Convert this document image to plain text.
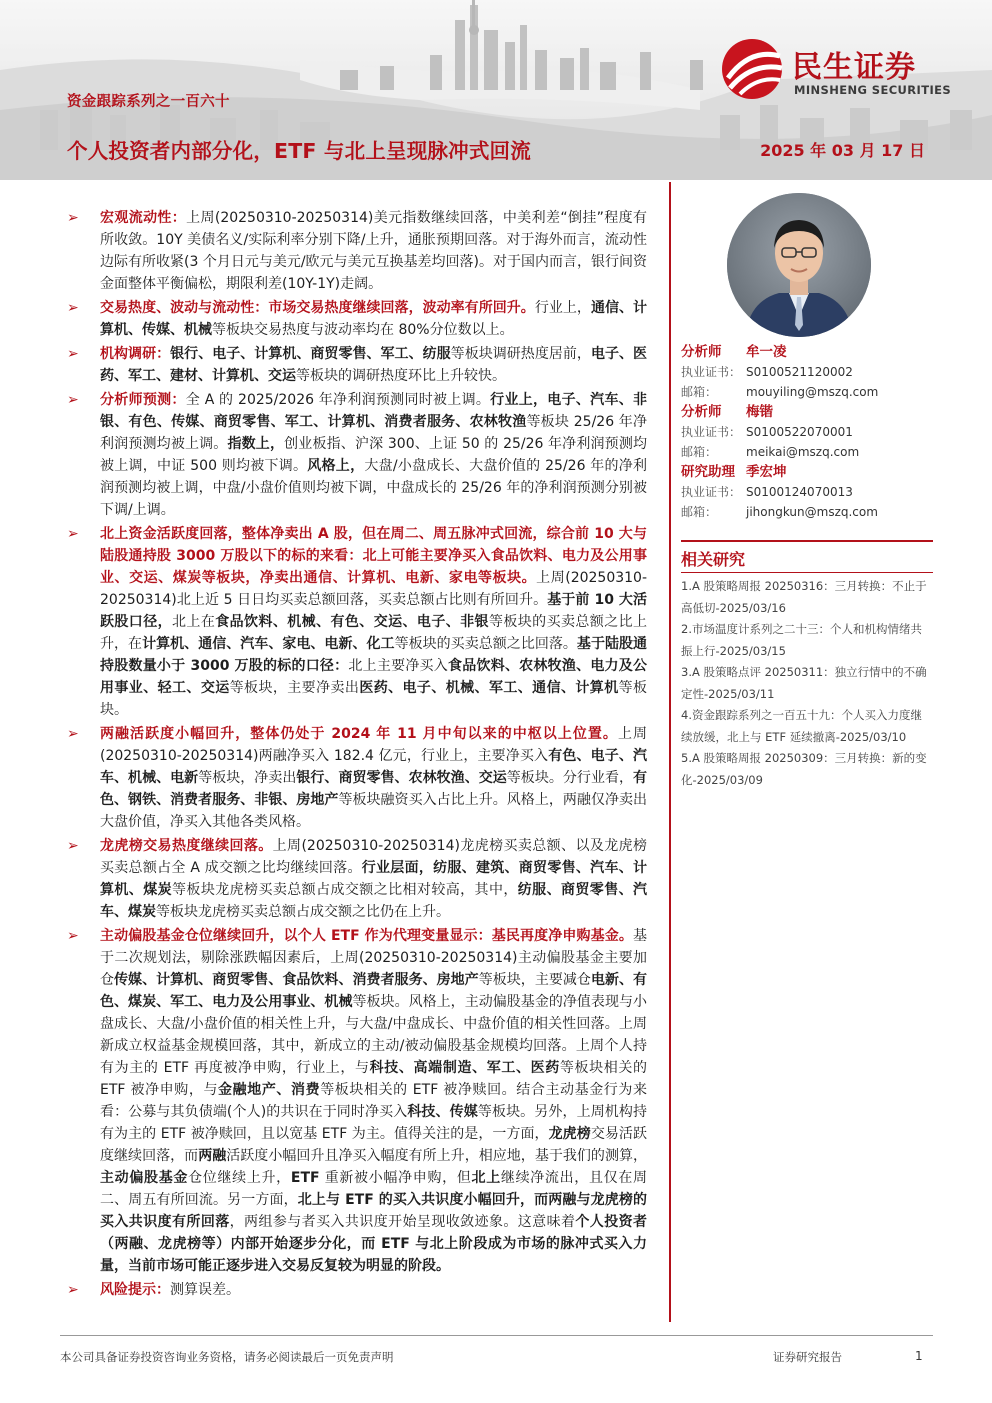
民生证券
MINSHENG SECURITIES
资金跟踪系列之一百六十
个人投资者内部分化，ETF 与北上呈现脉冲式回流	2025 年 03 月 17 日
➢ 宏观流动性：上周(20250310-20250314)美元指数继续回落，中美利差“倒挂”程度有所收敛。10Y 美债名义/实际利率分别下降/上升，通胀预期回落。对于海外而言，流动性边际有所收紧(3 个月日元与美元/欧元与美元互换基差均回落)。对于国内而言，银行间资金面整体平衡偏松，期限利差(10Y-1Y)走阔。
➢ 交易热度、波动与流动性：市场交易热度继续回落，波动率有所回升。行业上，通信、计算机、传媒、机械等板块交易热度与波动率均在 80%分位数以上。
➢ 机构调研：银行、电子、计算机、商贸零售、军工、纺服等板块调研热度居前，电子、医药、军工、建材、计算机、交运等板块的调研热度环比上升较快。
➢ 分析师预测：全 A 的 2025/2026 年净利润预测同时被上调。行业上，电子、汽车、非银、有色、传媒、商贸零售、军工、计算机、消费者服务、农林牧渔等板块 25/26 年净利润预测均被上调。指数上，创业板指、沪深 300、上证 50 的 25/26 年净利润预测均被上调，中证 500 则均被下调。风格上，大盘/小盘成长、大盘价值的 25/26 年的净利润预测均被上调，中盘/小盘价值则均被下调，中盘成长的 25/26 年的净利润预测分别被下调/上调。
➢ 北上资金活跃度回落，整体净卖出 A 股，但在周二、周五脉冲式回流，综合前 10 大与陆股通持股 3000 万股以下的标的来看：北上可能主要净买入食品饮料、电力及公用事业、交运、煤炭等板块，净卖出通信、计算机、电新、家电等板块。上周(20250310-20250314)北上近 5 日日均买卖总额回落，买卖总额占比则有所回升。基于前 10 大活跃股口径，北上在食品饮料、机械、有色、交运、电子、非银等板块的买卖总额之比上升，在计算机、通信、汽车、家电、电新、化工等板块的买卖总额之比回落。基于陆股通持股数量小于 3000 万股的标的口径：北上主要净买入食品饮料、农林牧渔、电力及公用事业、轻工、交运等板块，主要净卖出医药、电子、机械、军工、通信、计算机等板块。
➢ 两融活跃度小幅回升，整体仍处于 2024 年 11 月中旬以来的中枢以上位置。上周(20250310-20250314)两融净买入 182.4 亿元，行业上，主要净买入有色、电子、汽车、机械、电新等板块，净卖出银行、商贸零售、农林牧渔、交运等板块。分行业看，有色、钢铁、消费者服务、非银、房地产等板块融资买入占比上升。风格上，两融仅净卖出大盘价值，净买入其他各类风格。
➢ 龙虎榜交易热度继续回落。上周(20250310-20250314)龙虎榜买卖总额、以及龙虎榜买卖总额占全 A 成交额之比均继续回落。行业层面，纺服、建筑、商贸零售、汽车、计算机、煤炭等板块龙虎榜买卖总额占成交额之比相对较高，其中，纺服、商贸零售、汽车、煤炭等板块龙虎榜买卖总额占成交额之比仍在上升。
➢ 主动偏股基金仓位继续回升，以个人 ETF 作为代理变量显示：基民再度净申购基金。基于二次规划法，剔除涨跌幅因素后，上周(20250310-20250314)主动偏股基金主要加仓传媒、计算机、商贸零售、食品饮料、消费者服务、房地产等板块，主要减仓电新、有色、煤炭、军工、电力及公用事业、机械等板块。风格上，主动偏股基金的净值表现与小盘成长、大盘/小盘价值的相关性上升，与大盘/中盘成长、中盘价值的相关性回落。上周新成立权益基金规模回落，其中，新成立的主动/被动偏股基金规模均回落。上周个人持有为主的 ETF 再度被净申购，行业上，与科技、高端制造、军工、医药等板块相关的 ETF 被净申购，与金融地产、消费等板块相关的 ETF 被净赎回。结合主动基金行为来看：公募与其负债端(个人)的共识在于同时净买入科技、传媒等板块。另外，上周机构持有为主的 ETF 被净赎回，且以宽基 ETF 为主。值得关注的是，一方面，龙虎榜交易活跃度继续回落，而两融活跃度小幅回升且净买入幅度有所上升，相应地，基于我们的测算，主动偏股基金仓位继续上升，ETF 重新被小幅净申购，但北上继续净流出，且仅在周二、周五有所回流。另一方面，北上与 ETF 的买入共识度小幅回升，而两融与龙虎榜的买入共识度有所回落，两组参与者买入共识度开始呈现收敛迹象。这意味着个人投资者（两融、龙虎榜等）内部开始逐步分化，而 ETF 与北上阶段成为市场的脉冲式买入力量，当前市场可能正逐步进入交易反复较为明显的阶段。
➢ 风险提示：测算误差。
分析师 牟一凌
执业证书： S0100521120002
邮箱： mouyiling@mszq.com
分析师 梅锴
执业证书： S0100522070001
邮箱： meikai@mszq.com
研究助理 季宏坤
执业证书： S0100124070013
邮箱： jihongkun@mszq.com
相关研究
1.A 股策略周报 20250316：三月转换：不止于高低切-2025/03/16
2.市场温度计系列之二十三：个人和机构情绪共振上行-2025/03/15
3.A 股策略点评 20250311：独立行情中的不确定性-2025/03/11
4.资金跟踪系列之一百五十九：个人买入力度继续放缓，北上与 ETF 延续撤离-2025/03/10
5.A 股策略周报 20250309：三月转换：新的变化-2025/03/09
本公司具备证券投资咨询业务资格，请务必阅读最后一页免责声明	证券研究报告	1
